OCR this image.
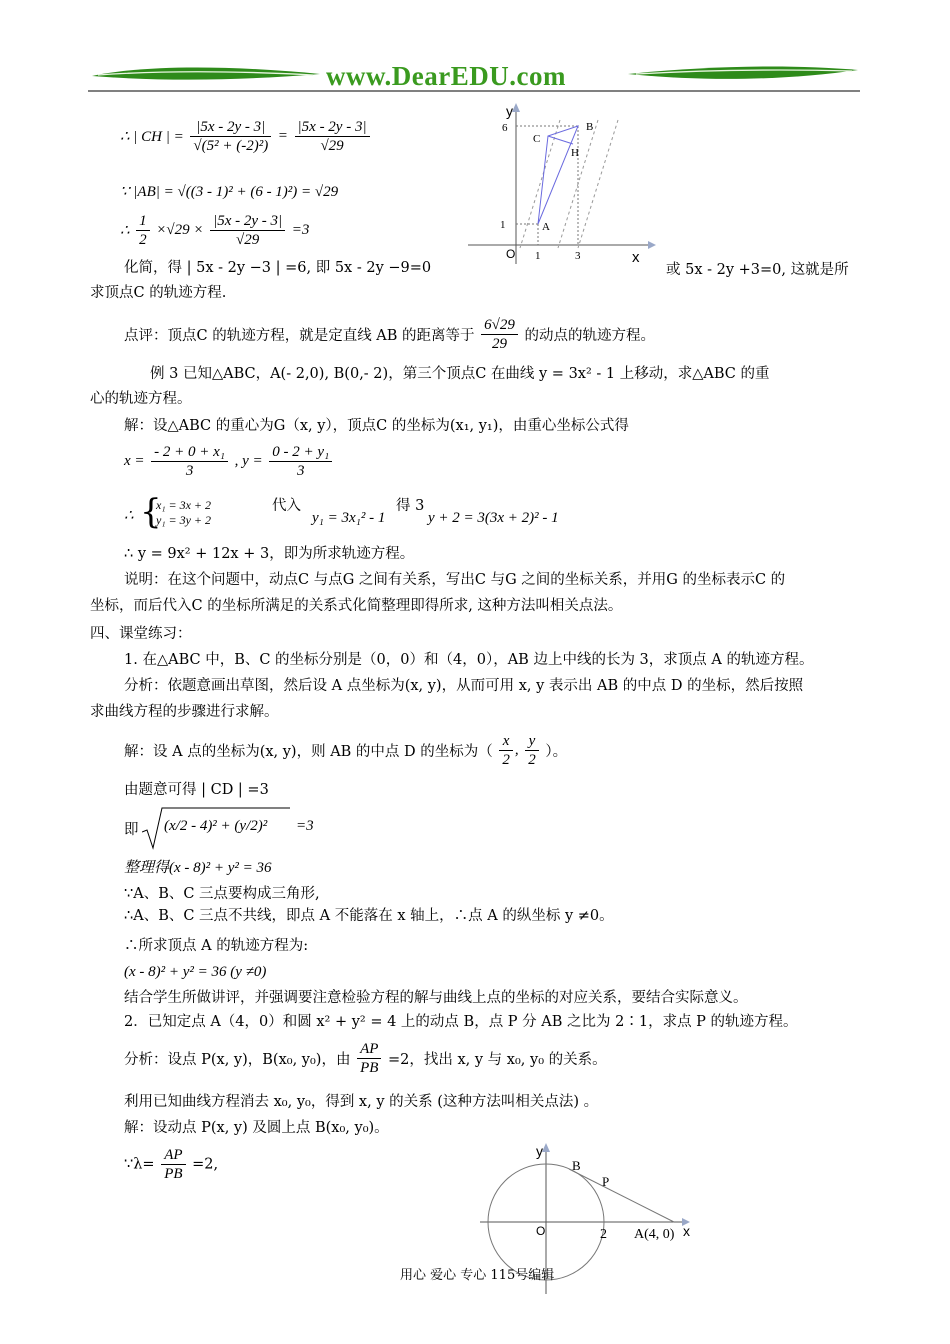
www.DearEDU.com
∴ | CH | = $\frac{|5x - 2y - 3|}{\text{√(5² + (-2)²)}} = \frac{|5x - 2y - 3|}{√29}$
∵ |AB| = √((3 - 1)² + (6 - 1)²) = √29
∴ $\frac{1}{2} \times√29 \times \frac{|5x - 2y - 3|}{√29} =3$
化简，得 | 5x - 2y −3 | =6, 即 5x - 2y −9=0	或 5x - 2y +3=0, 这就是所
求顶点C 的轨迹方程.
y
6
1
O 1	3	x
C
B
H
A
点评：顶点C 的轨迹方程，就是定直线 AB 的距离等于 $\frac{6√29}{29}$ 的动点的轨迹方程。
例 3 已知△ABC，A(- 2,0), B(0,- 2)，第三个顶点C 在曲线 y = 3x² - 1 上移动，求△ABC 的重
心的轨迹方程。
解：设△ABC 的重心为G（x, y），顶点C 的坐标为(x₁, y₁)，由重心坐标公式得
$x = \frac{\text{- 2 + 0 + x₁}}{3}$ , $y = \frac{\text{0 - 2 + y₁}}{3}$
∴ {
x₁ = 3x + 2
y₁ = 3y + 2
代入
y₁ = 3x₁² - 1
得 3
y + 2 = 3(3x + 2)² - 1
∴ y = 9x² + 12x + 3，即为所求轨迹方程。
说明：在这个问题中，动点C 与点G 之间有关系，写出C 与G 之间的坐标关系，并用G 的坐标表示C 的
坐标，而后代入C 的坐标所满足的关系式化简整理即得所求, 这种方法叫相关点法。
四、课堂练习：
1. 在△ABC 中，B、C 的坐标分别是（0，0）和（4，0），AB 边上中线的长为 3，求顶点 A 的轨迹方程。
分析：依题意画出草图，然后设 A 点坐标为(x, y)，从而可用 x, y 表示出 AB 的中点 D 的坐标，然后按照
求曲线方程的步骤进行求解。
解：设 A 点的坐标为(x, y)，则 AB 的中点 D 的坐标为（ $\frac{x}{2}$ , $\frac{y}{2}$ ）。
由题意可得 | CD | =3
即 (x/2 - 4)² + (y/2)² =3
整理得(x - 8)² + y² = 36
∵A、B、C 三点要构成三角形,
∴A、B、C 三点不共线，即点 A 不能落在 x 轴上，∴点 A 的纵坐标 y ≠0。
∴所求顶点 A 的轨迹方程为:
(x - 8)² + y² = 36 (y ≠0)
结合学生所做讲评，并强调要注意检验方程的解与曲线上点的坐标的对应关系，要结合实际意义。
2．已知定点 A（4，0）和圆 x² + y² = 4 上的动点 B，点 P 分 AB 之比为 2∶1，求点 P 的轨迹方程。
分析：设点 P(x, y)，B(x₀, y₀)，由 $\frac{AP}{PB} =2$，找出 x, y 与 x₀, y₀ 的关系。
利用已知曲线方程消去 x₀, y₀，得到 x, y 的关系 (这种方法叫相关点法) 。
解：设动点 P(x, y) 及圆上点 B(x₀, y₀)。
∵λ= $\frac{AP}{PB} =2$,
y
O	2 A(4, 0) x
B
P
用心 爱心 专心 115号编辑
